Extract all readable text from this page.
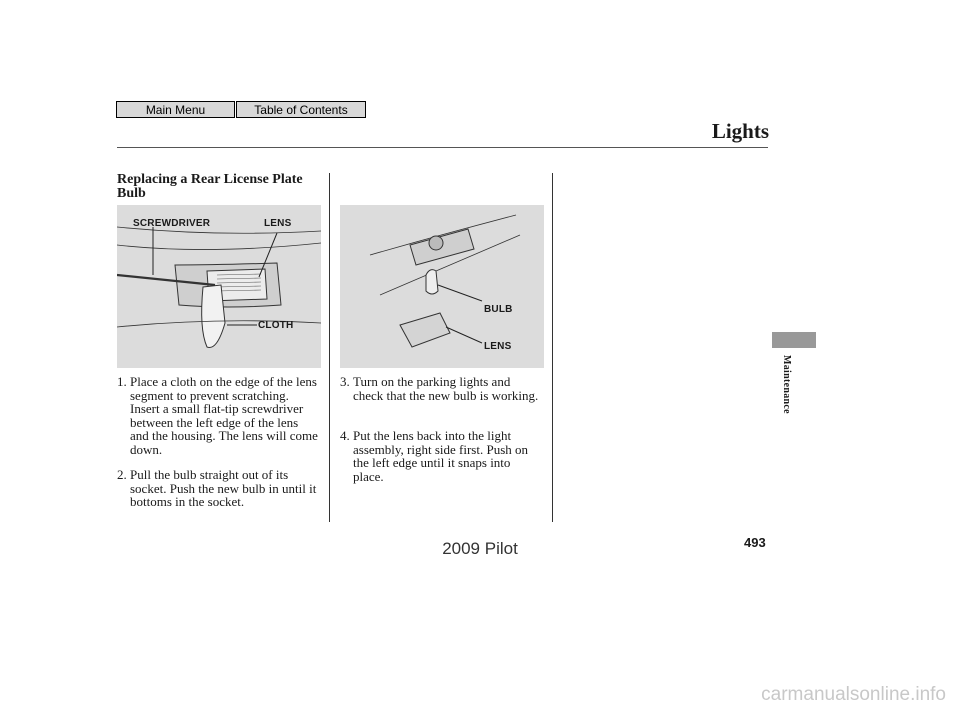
Main Menu	Table of Contents
Lights
Replacing a Rear License Plate Bulb
SCREWDRIVER	LENS
CLOTH
BULB
LENS
1. Place a cloth on the edge of the lens segment to prevent scratching. Insert a small flat-tip screwdriver between the left edge of the lens and the housing. The lens will come down.
2. Pull the bulb straight out of its socket. Push the new bulb in until it bottoms in the socket.
3. Turn on the parking lights and check that the new bulb is working.
4. Put the lens back into the light assembly, right side first. Push on the left edge until it snaps into place.
Maintenance
493
2009 Pilot
carmanualsonline.info
